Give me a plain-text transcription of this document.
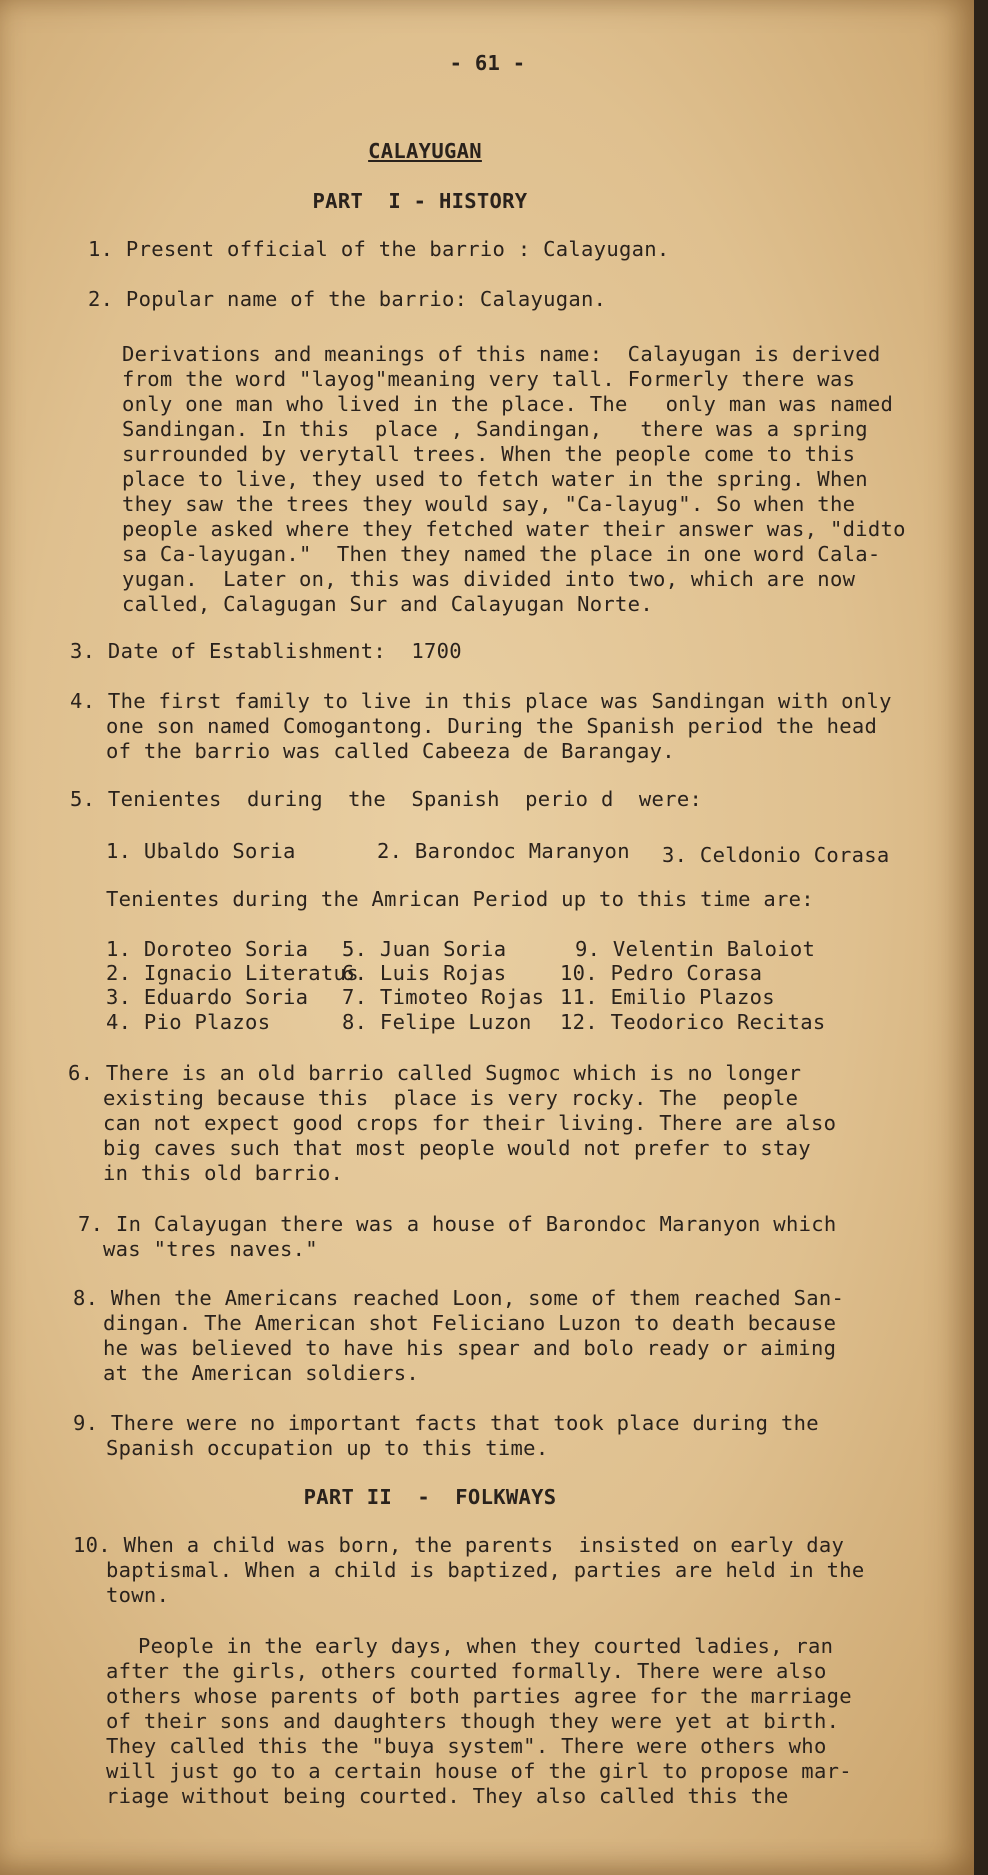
- 61 -
CALAYUGAN
PART  I - HISTORY
1. Present official of the barrio : Calayugan.
2. Popular name of the barrio: Calayugan.
Derivations and meanings of this name:  Calayugan is derived
from the word "layog"meaning very tall. Formerly there was
only one man who lived in the place. The   only man was named
Sandingan. In this  place , Sandingan,   there was a spring
surrounded by verytall trees. When the people come to this
place to live, they used to fetch water in the spring. When
they saw the trees they would say, "Ca-layug". So when the
people asked where they fetched water their answer was, "didto
sa Ca-layugan."  Then they named the place in one word Cala-
yugan.  Later on, this was divided into two, which are now
called, Calagugan Sur and Calayugan Norte.
3. Date of Establishment:  1700
4. The first family to live in this place was Sandingan with only
one son named Comogantong. During the Spanish period the head
of the barrio was called Cabeeza de Barangay.
5. Tenientes  during  the  Spanish  perio d  were:
1. Ubaldo Soria	2. Barondoc Maranyon 3. Celdonio Corasa
Tenientes during the Amrican Period up to this time are:
1. Doroteo Soria
2. Ignacio Literatus
3. Eduardo Soria
4. Pio Plazos
5. Juan Soria
6. Luis Rojas
7. Timoteo Rojas
8. Felipe Luzon
9. Velentin Baloiot
10. Pedro Corasa
11. Emilio Plazos
12. Teodorico Recitas
6. There is an old barrio called Sugmoc which is no longer
existing because this  place is very rocky. The  people
can not expect good crops for their living. There are also
big caves such that most people would not prefer to stay
in this old barrio.
7. In Calayugan there was a house of Barondoc Maranyon which
was "tres naves."
8. When the Americans reached Loon, some of them reached San-
dingan. The American shot Feliciano Luzon to death because
he was believed to have his spear and bolo ready or aiming
at the American soldiers.
9. There were no important facts that took place during the
Spanish occupation up to this time.
PART II  -  FOLKWAYS
10. When a child was born, the parents  insisted on early day
baptismal. When a child is baptized, parties are held in the
town.
People in the early days, when they courted ladies, ran
after the girls, others courted formally. There were also
others whose parents of both parties agree for the marriage
of their sons and daughters though they were yet at birth.
They called this the "buya system". There were others who
will just go to a certain house of the girl to propose mar-
riage without being courted. They also called this the
